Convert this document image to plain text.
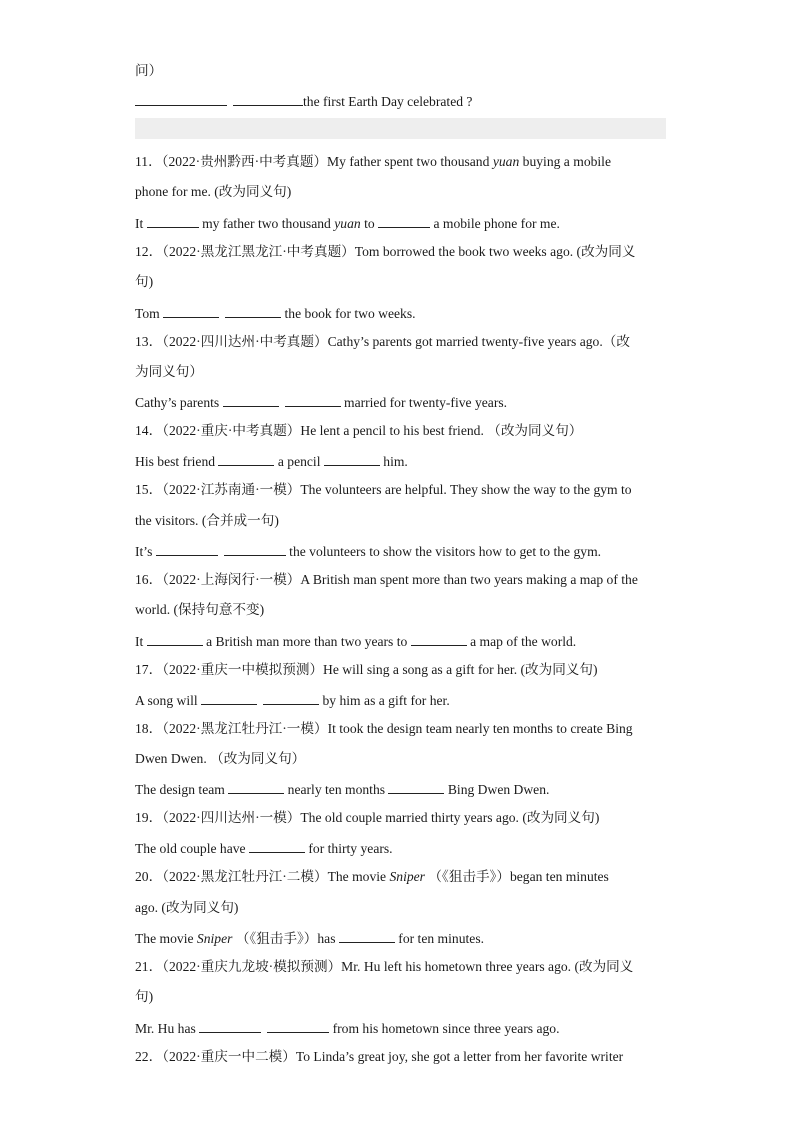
问）
the first Earth Day celebrated ?
11．（2022·贵州黔西·中考真题）My father spent two thousand yuan buying a mobile
phone for me. (改为同义句)
It	my father two thousand yuan to	a mobile phone for me.
12．（2022·黑龙江黑龙江·中考真题）Tom borrowed the book two weeks ago. (改为同义
句)
Tom	the book for two weeks.
13．（2022·四川达州·中考真题）Cathy’s parents got married twenty-five years ago.（改
为同义句）
Cathy’s parents	married for twenty-five years.
14．（2022·重庆·中考真题）He lent a pencil to his best friend. （改为同义句）
His best friend	a pencil	him.
15．（2022·江苏南通·一模）The volunteers are helpful. They show the way to the gym to
the visitors. (合并成一句)
It’s	the volunteers to show the visitors how to get to the gym.
16．（2022·上海闵行·一模）A British man spent more than two years making a map of the
world. (保持句意不变)
It	a British man more than two years to	a map of the world.
17．（2022·重庆一中模拟预测）He will sing a song as a gift for her. (改为同义句)
A song will	by him as a gift for her.
18．（2022·黑龙江牡丹江·一模）It took the design team nearly ten months to create Bing
Dwen Dwen. （改为同义句）
The design team	nearly ten months	Bing Dwen Dwen.
19．（2022·四川达州·一模）The old couple married thirty years ago. (改为同义句)
The old couple have	for thirty years.
20．（2022·黑龙江牡丹江·二模）The movie Sniper （《狙击手》）began ten minutes
ago. (改为同义句)
The movie Sniper （《狙击手》）has	for ten minutes.
21．（2022·重庆九龙坡·模拟预测）Mr. Hu left his hometown three years ago. (改为同义
句)
Mr. Hu has	from his hometown since three years ago.
22．（2022·重庆一中二模）To Linda’s great joy, she got a letter from her favorite writer
